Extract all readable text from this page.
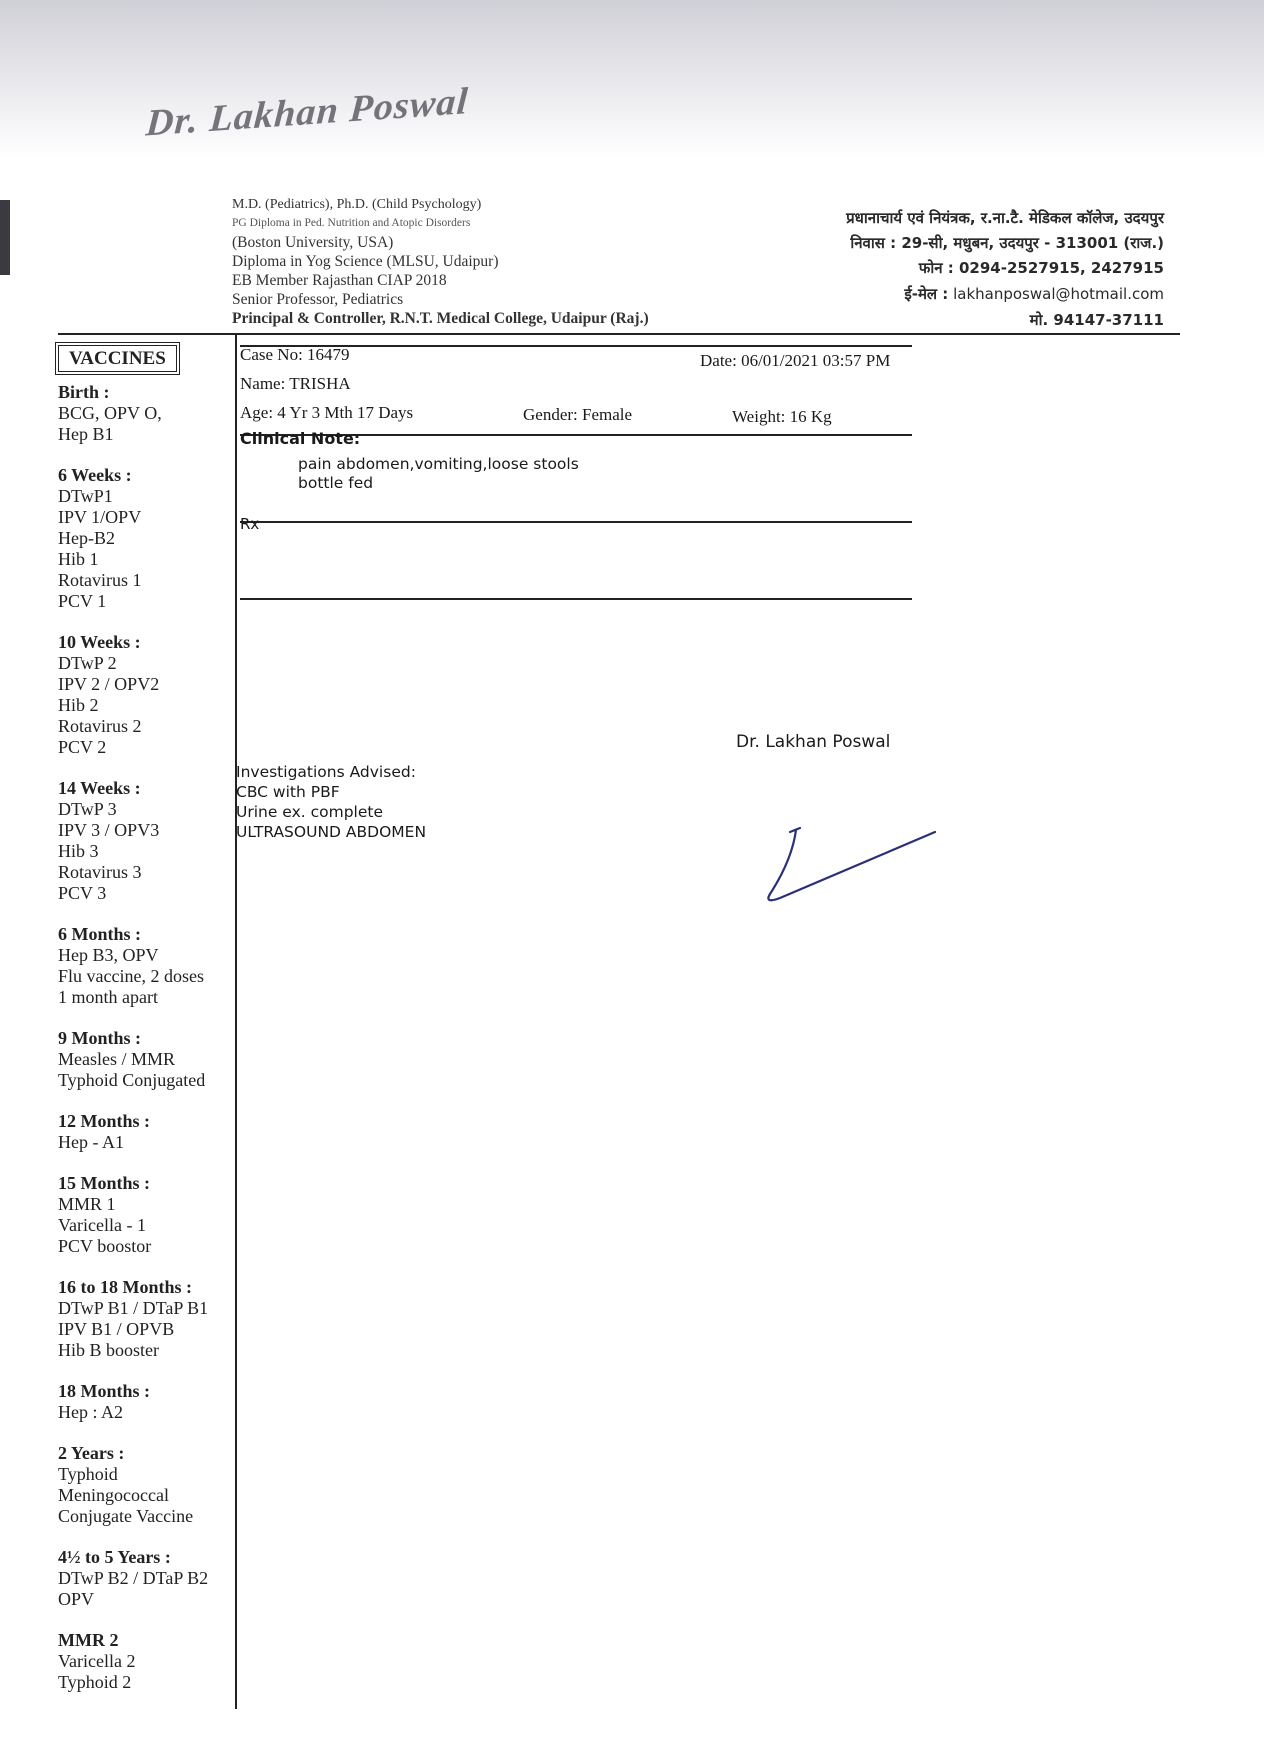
Dr. Lakhan Poswal
M.D. (Pediatrics), Ph.D. (Child Psychology)
PG Diploma in Ped. Nutrition and Atopic Disorders
(Boston University, USA)
Diploma in Yog Science (MLSU, Udaipur)
EB Member Rajasthan CIAP 2018
Senior Professor, Pediatrics
Principal & Controller, R.N.T. Medical College, Udaipur (Raj.)
प्रधानाचार्य एवं नियंत्रक, र.ना.टै. मेडिकल कॉलेज, उदयपुर
निवास : 29-सी, मधुबन, उदयपुर - 313001 (राज.)
फोन : 0294-2527915, 2427915
ई-मेल : lakhanposwal@hotmail.com
मो. 94147-37111
VACCINES
Birth :
BCG, OPV O,
Hep B1
6 Weeks :
DTwP1
IPV 1/OPV
Hep-B2
Hib 1
Rotavirus 1
PCV 1
10 Weeks :
DTwP 2
IPV 2 / OPV2
Hib 2
Rotavirus 2
PCV 2
14 Weeks :
DTwP 3
IPV 3 / OPV3
Hib 3
Rotavirus 3
PCV 3
6 Months :
Hep B3, OPV
Flu vaccine, 2 doses
1 month apart
9 Months :
Measles / MMR
Typhoid Conjugated
12 Months :
Hep - A1
15 Months :
MMR 1
Varicella - 1
PCV boostor
16 to 18 Months :
DTwP B1 / DTaP B1
IPV B1 / OPVB
Hib B booster
18 Months :
Hep : A2
2 Years :
Typhoid
Meningococcal
Conjugate Vaccine
4½ to 5 Years :
DTwP B2 / DTaP B2
OPV
MMR 2
Varicella 2
Typhoid 2
Case No: 16479	Date: 06/01/2021 03:57 PM
Name: TRISHA
Age: 4 Yr 3 Mth 17 Days	Gender: Female	Weight: 16 Kg
Clinical Note:
pain abdomen,vomiting,loose stools
bottle fed
Rx
Dr. Lakhan Poswal
Investigations Advised:
CBC with PBF
Urine ex. complete
ULTRASOUND ABDOMEN
